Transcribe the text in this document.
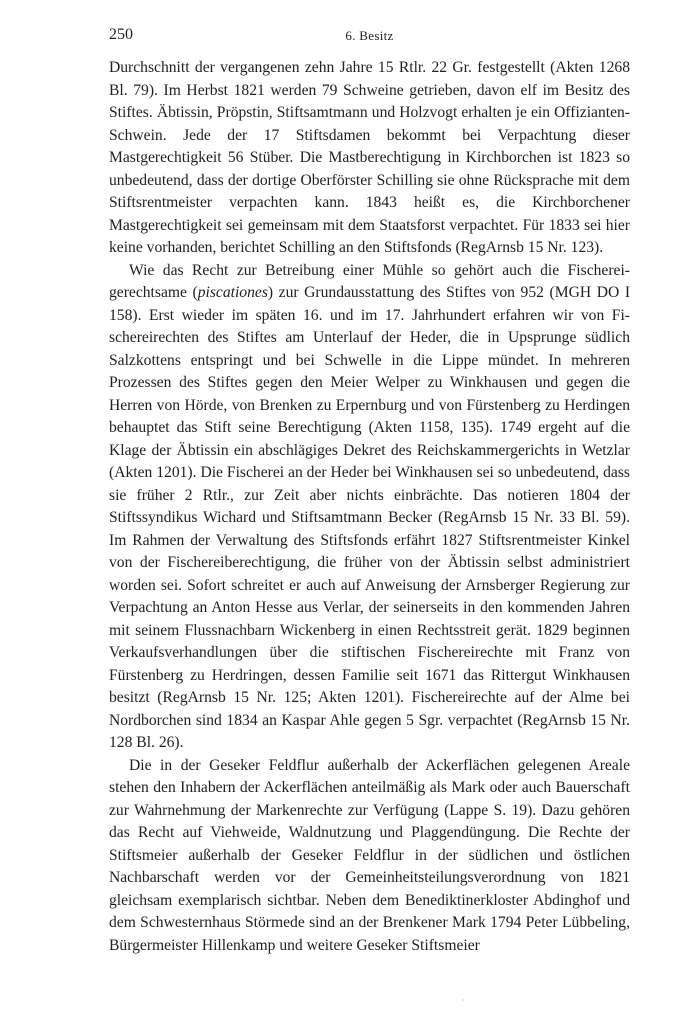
250	6. Besitz

Durchschnitt der vergangenen zehn Jahre 15 Rtlr. 22 Gr. festgestellt (Akten 1268 Bl. 79). Im Herbst 1821 werden 79 Schweine getrieben, davon elf im Besitz des Stiftes. Äbtissin, Pröpstin, Stiftsamtmann und Holzvogt erhalten je ein Offizianten-Schwein. Jede der 17 Stiftsdamen bekommt bei Verpachtung dieser Mastgerechtigkeit 56 Stüber. Die Mastberechtigung in Kirchborchen ist 1823 so unbedeutend, dass der dortige Oberförster Schilling sie ohne Rücksprache mit dem Stiftsrentmeister verpachten kann. 1843 heißt es, die Kirchborchener Mastgerechtigkeit sei gemeinsam mit dem Staatsforst verpachtet. Für 1833 sei hier keine vorhanden, berichtet Schilling an den Stiftsfonds (RegArnsb 15 Nr. 123).

Wie das Recht zur Betreibung einer Mühle so gehört auch die Fischereigerechtsame (piscationes) zur Grundausstattung des Stiftes von 952 (MGH DO I 158). Erst wieder im späten 16. und im 17. Jahrhundert erfahren wir von Fischereirechten des Stiftes am Unterlauf der Heder, die in Upsprunge südlich Salzkottens entspringt und bei Schwelle in die Lippe mündet. In mehreren Prozessen des Stiftes gegen den Meier Welper zu Winkhausen und gegen die Herren von Hörde, von Brenken zu Erpernburg und von Fürstenberg zu Herdingen behauptet das Stift seine Berechtigung (Akten 1158, 135). 1749 ergeht auf die Klage der Äbtissin ein abschlägiges Dekret des Reichskammergerichts in Wetzlar (Akten 1201). Die Fischerei an der Heder bei Winkhausen sei so unbedeutend, dass sie früher 2 Rtlr., zur Zeit aber nichts einbrächte. Das notieren 1804 der Stiftssyndikus Wichard und Stiftsamtmann Becker (RegArnsb 15 Nr. 33 Bl. 59). Im Rahmen der Verwaltung des Stiftsfonds erfährt 1827 Stiftsrentmeister Kinkel von der Fischereiberechtigung, die früher von der Äbtissin selbst administriert worden sei. Sofort schreitet er auch auf Anweisung der Arnsberger Regierung zur Verpachtung an Anton Hesse aus Verlar, der seinerseits in den kommenden Jahren mit seinem Flussnachbarn Wickenberg in einen Rechtsstreit gerät. 1829 beginnen Verkaufsverhandlungen über die stiftischen Fischereirechte mit Franz von Fürstenberg zu Herdringen, dessen Familie seit 1671 das Rittergut Winkhausen besitzt (RegArnsb 15 Nr. 125; Akten 1201). Fischereirechte auf der Alme bei Nordborchen sind 1834 an Kaspar Ahle gegen 5 Sgr. verpachtet (RegArnsb 15 Nr. 128 Bl. 26).

Die in der Geseker Feldflur außerhalb der Ackerflächen gelegenen Areale stehen den Inhabern der Ackerflächen anteilmäßig als Mark oder auch Bauerschaft zur Wahrnehmung der Markenrechte zur Verfügung (Lappe S. 19). Dazu gehören das Recht auf Viehweide, Waldnutzung und Plaggendüngung. Die Rechte der Stiftsmeier außerhalb der Geseker Feldflur in der südlichen und östlichen Nachbarschaft werden vor der Gemeinheitsteilungsverordnung von 1821 gleichsam exemplarisch sichtbar. Neben dem Benediktinerkloster Abdinghof und dem Schwesternhaus Störmede sind an der Brenkener Mark 1794 Peter Lübbeling, Bürgermeister Hillenkamp und weitere Geseker Stiftsmeier

·
